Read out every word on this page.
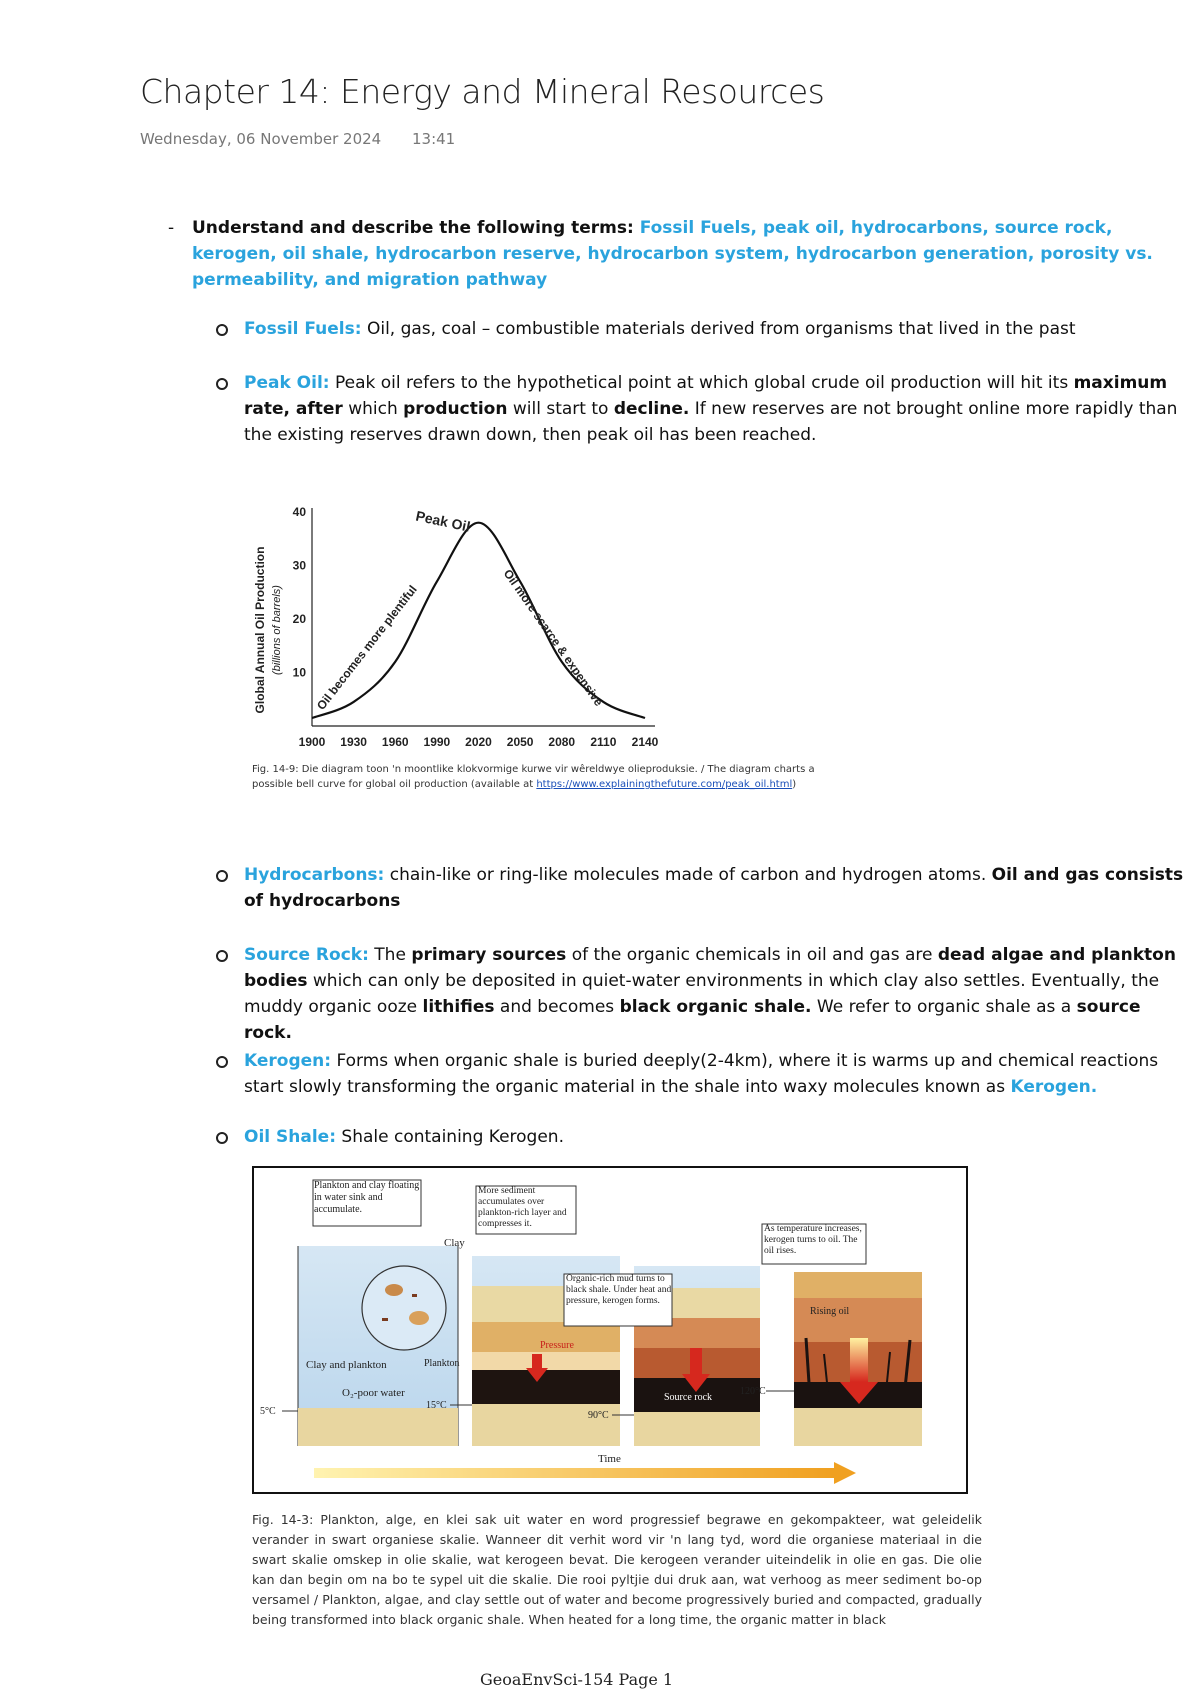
Chapter 14: Energy and Mineral Resources
Wednesday, 06 November 2024 13:41
- Understand and describe the following terms: Fossil Fuels, peak oil, hydrocarbons, source rock, kerogen, oil shale, hydrocarbon reserve, hydrocarbon system, hydrocarbon generation, porosity vs. permeability, and migration pathway
Fossil Fuels: Oil, gas, coal – combustible materials derived from organisms that lived in the past
Peak Oil: Peak oil refers to the hypothetical point at which global crude oil production will hit its maximum rate, after which production will start to decline. If new reserves are not brought online more rapidly than the existing reserves drawn down, then peak oil has been reached.
Global Annual Oil Production (billions of barrels) 10
20
30
40
1900 1930 1960 1990 2020 2050 2080 2110 2140
Peak Oil
Oil becomes more plentiful	Oil more scarce & expensive
Fig. 14-9: Die diagram toon 'n moontlike klokvormige kurwe vir wêreldwye olieproduksie. / The diagram charts a possible bell curve for global oil production (available at https://www.explainingthefuture.com/peak_oil.html)
Hydrocarbons: chain-like or ring-like molecules made of carbon and hydrogen atoms. Oil and gas consists of hydrocarbons
Source Rock: The primary sources of the organic chemicals in oil and gas are dead algae and plankton bodies which can only be deposited in quiet-water environments in which clay also settles. Eventually, the muddy organic ooze lithifies and becomes black organic shale. We refer to organic shale as a source rock.
Kerogen: Forms when organic shale is buried deeply(2-4km), where it is warms up and chemical reactions start slowly transforming the organic material in the shale into waxy molecules known as Kerogen.
Oil Shale: Shale containing Kerogen.
Plankton and clay floating in water sink and accumulate.
Clay
Plankton
Clay and plankton
O₂-poor water
5°C
More sediment accumulates over plankton-rich layer and compresses it.
Pressure
15°C
Organic-rich mud turns to black shale. Under heat and pressure, kerogen forms.
Source rock
90°C
As temperature increases, kerogen turns to oil. The oil rises.
Rising oil
120°C
Time
Fig. 14-3: Plankton, alge, en klei sak uit water en word progressief begrawe en gekompakteer, wat geleidelik verander in swart organiese skalie. Wanneer dit verhit word vir 'n lang tyd, word die organiese materiaal in die swart skalie omskep in olie skalie, wat kerogeen bevat. Die kerogeen verander uiteindelik in olie en gas. Die olie kan dan begin om na bo te sypel uit die skalie. Die rooi pyltjie dui druk aan, wat verhoog as meer sediment bo-op versamel / Plankton, algae, and clay settle out of water and become progressively buried and compacted, gradually being transformed into black organic shale. When heated for a long time, the organic matter in black
GeoaEnvSci-154 Page 1
